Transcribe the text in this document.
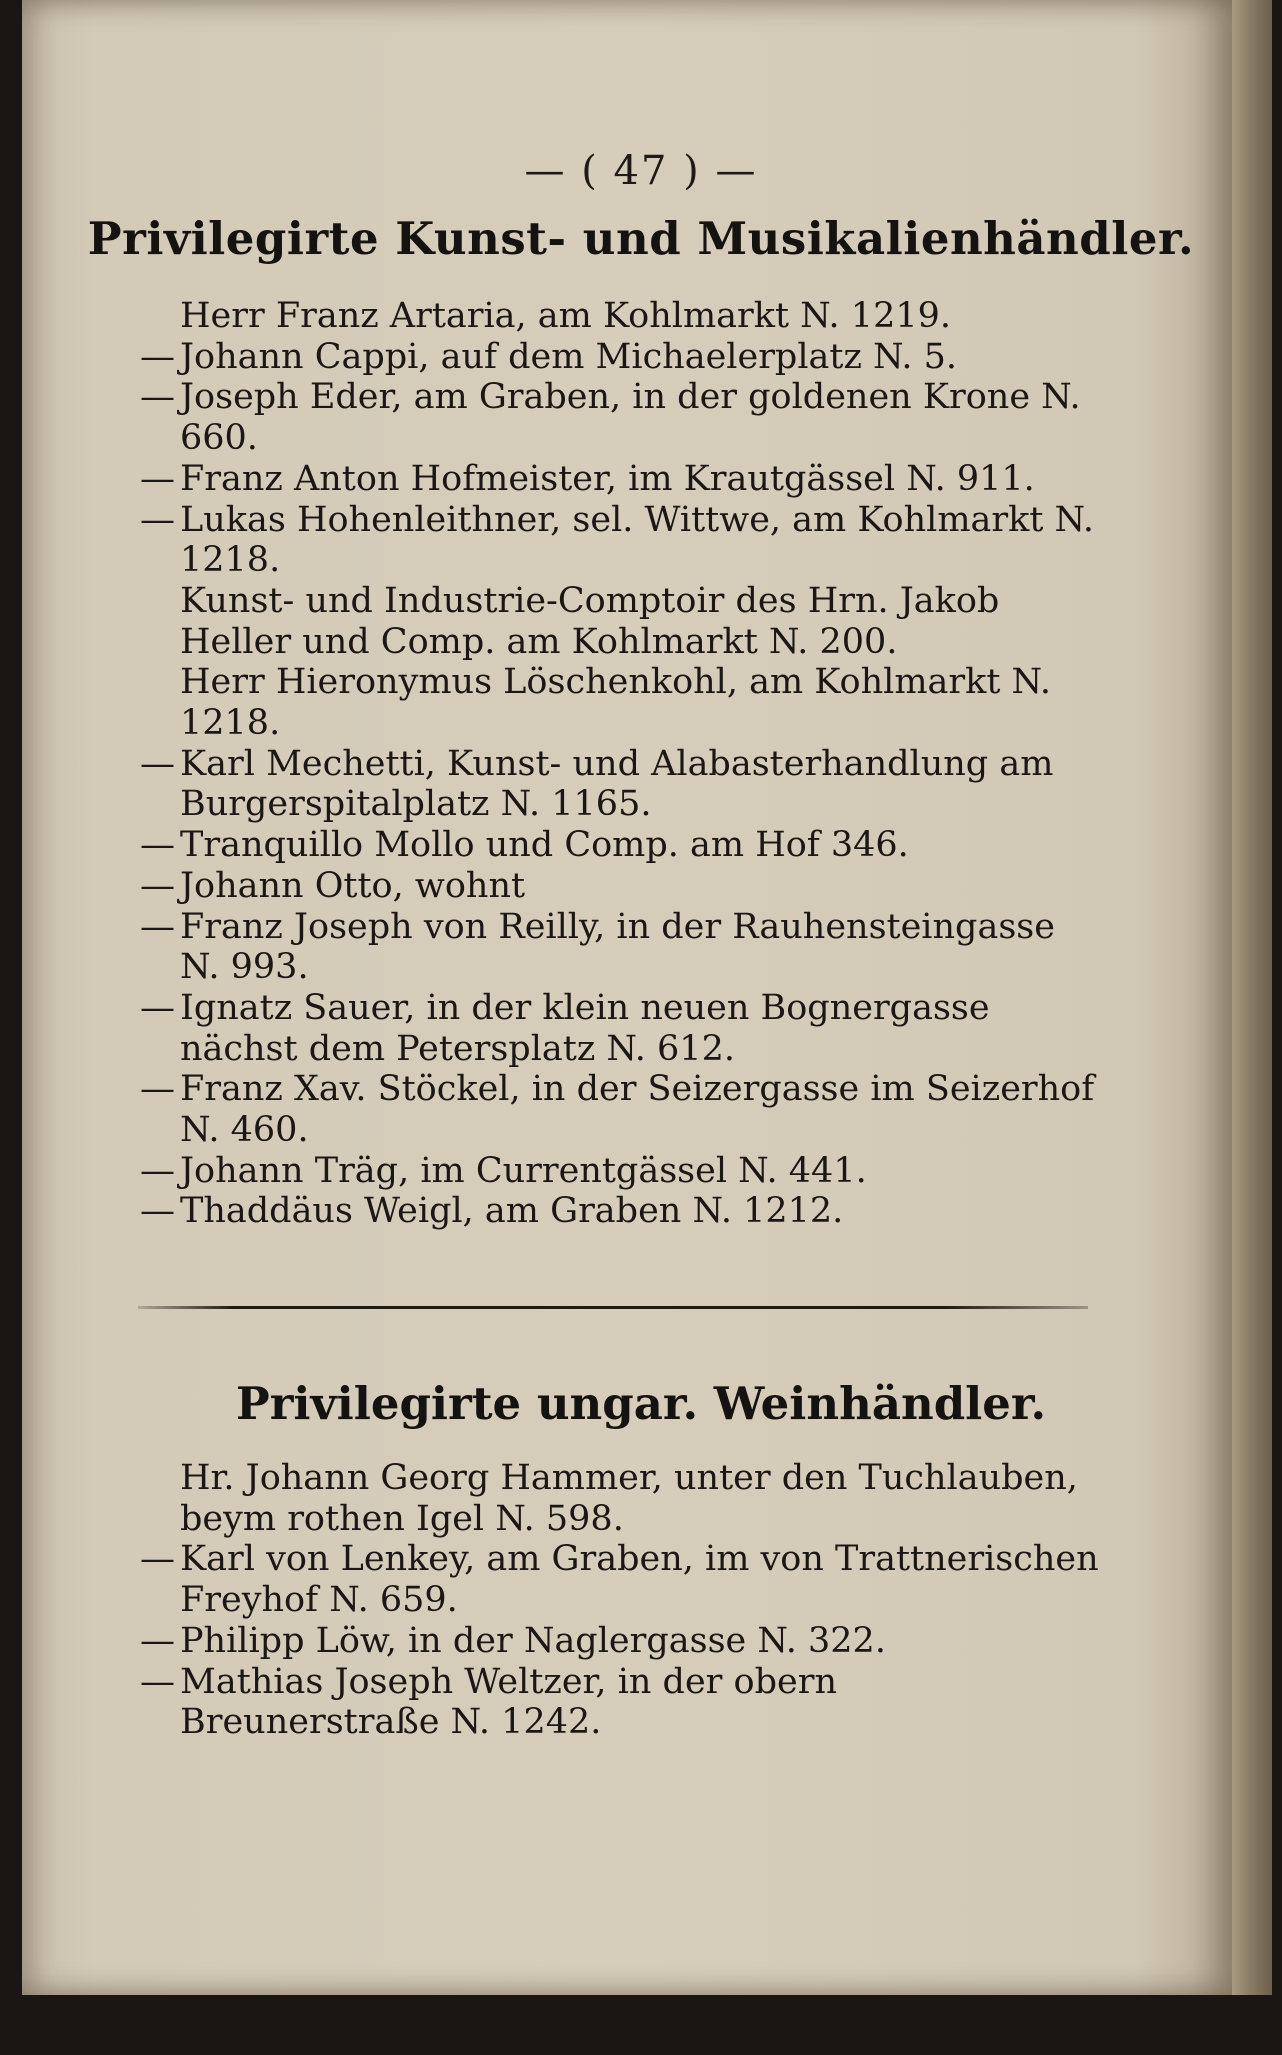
— ( 47 ) —
Privilegirte Kunst- und Musikalienhändler.
Herr Franz Artaria, am Kohlmarkt N. 1219.
— Johann Cappi, auf dem Michaelerplatz N. 5.
— Joseph Eder, am Graben, in der goldenen Krone N. 660.
— Franz Anton Hofmeister, im Krautgässel N. 911.
— Lukas Hohenleithner, sel. Wittwe, am Kohlmarkt N. 1218.
Kunst- und Industrie-Comptoir des Hrn. Jakob Heller und Comp. am Kohlmarkt N. 200.
Herr Hieronymus Löschenkohl, am Kohlmarkt N. 1218.
— Karl Mechetti, Kunst- und Alabasterhandlung am Burgerspitalplatz N. 1165.
— Tranquillo Mollo und Comp. am Hof 346.
— Johann Otto, wohnt
— Franz Joseph von Reilly, in der Rauhensteingasse N. 993.
— Ignatz Sauer, in der klein neuen Bognergasse nächst dem Petersplatz N. 612.
— Franz Xav. Stöckel, in der Seizergasse im Seizerhof N. 460.
— Johann Träg, im Currentgässel N. 441.
— Thaddäus Weigl, am Graben N. 1212.
Privilegirte ungar. Weinhändler.
Hr. Johann Georg Hammer, unter den Tuchlauben, beym rothen Igel N. 598.
— Karl von Lenkey, am Graben, im von Trattnerischen Freyhof N. 659.
— Philipp Löw, in der Naglergasse N. 322.
— Mathias Joseph Weltzer, in der obern Breunerstraße N. 1242.
